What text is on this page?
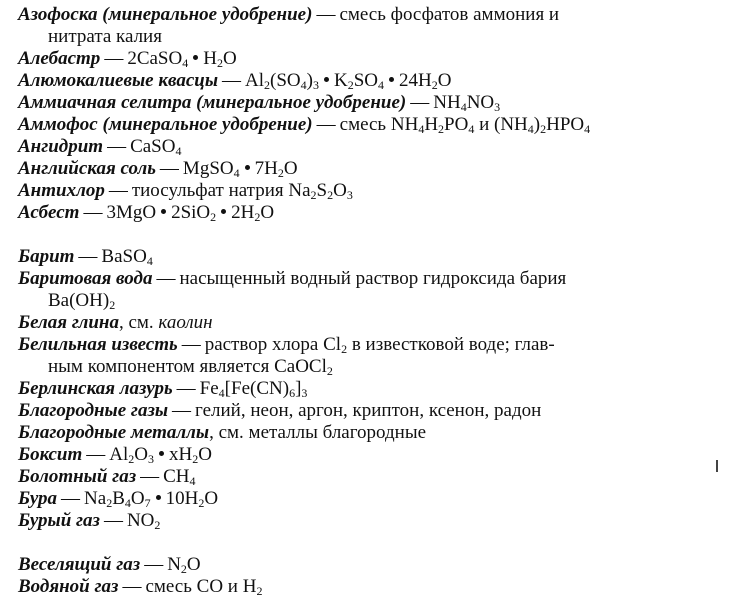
Азофоска (минеральное удобрение) — смесь фосфатов аммония и
нитрата калия
Алебастр — 2CaSO$_4$ $H_2O$
Алюмокалиевые квасцы — $Al_2(SO_4)_3$ $K_2SO_4$ $24H_2O$
Аммиачная селитра (минеральное удобрение) — $NH_4NO_3$
Аммофос (минеральное удобрение) — смесь $NH_4H_2PO_4$ и $(NH_4)_2HPO_4$
Ангидрит — CaSO$_4$
Английская соль — MgSO$_4$ $7H_2O$
Антихлор — тиосульфат натрия $Na_2S_2O_3$
Асбест — 3MgO 2SiO$_2$ $2H_2O$
Барит — BaSO$_4$
Баритовая вода — насыщенный водный раствор гидроксида бария
$Ba(OH)_2$
Белая глина, см. каолин
Белильная известь — раствор хлора $Cl_2$ в известковой воде; глав-
ным компонентом является CaOCl$_2$
Берлинская лазурь — $Fe_4[Fe(CN)_6]_3$
Благородные газы — гелий, неон, аргон, криптон, ксенон, радон
Благородные металлы, см. металлы благородные
Боксит — $Al_2O_3$ $xH_2O$
Болотный газ — $CH_4$
Бура — $Na_2B_4O_7$ $10H_2O$
Бурый газ — $NO_2$
Веселящий газ — $N_2O$
Водяной газ — смесь CO и $H_2$
